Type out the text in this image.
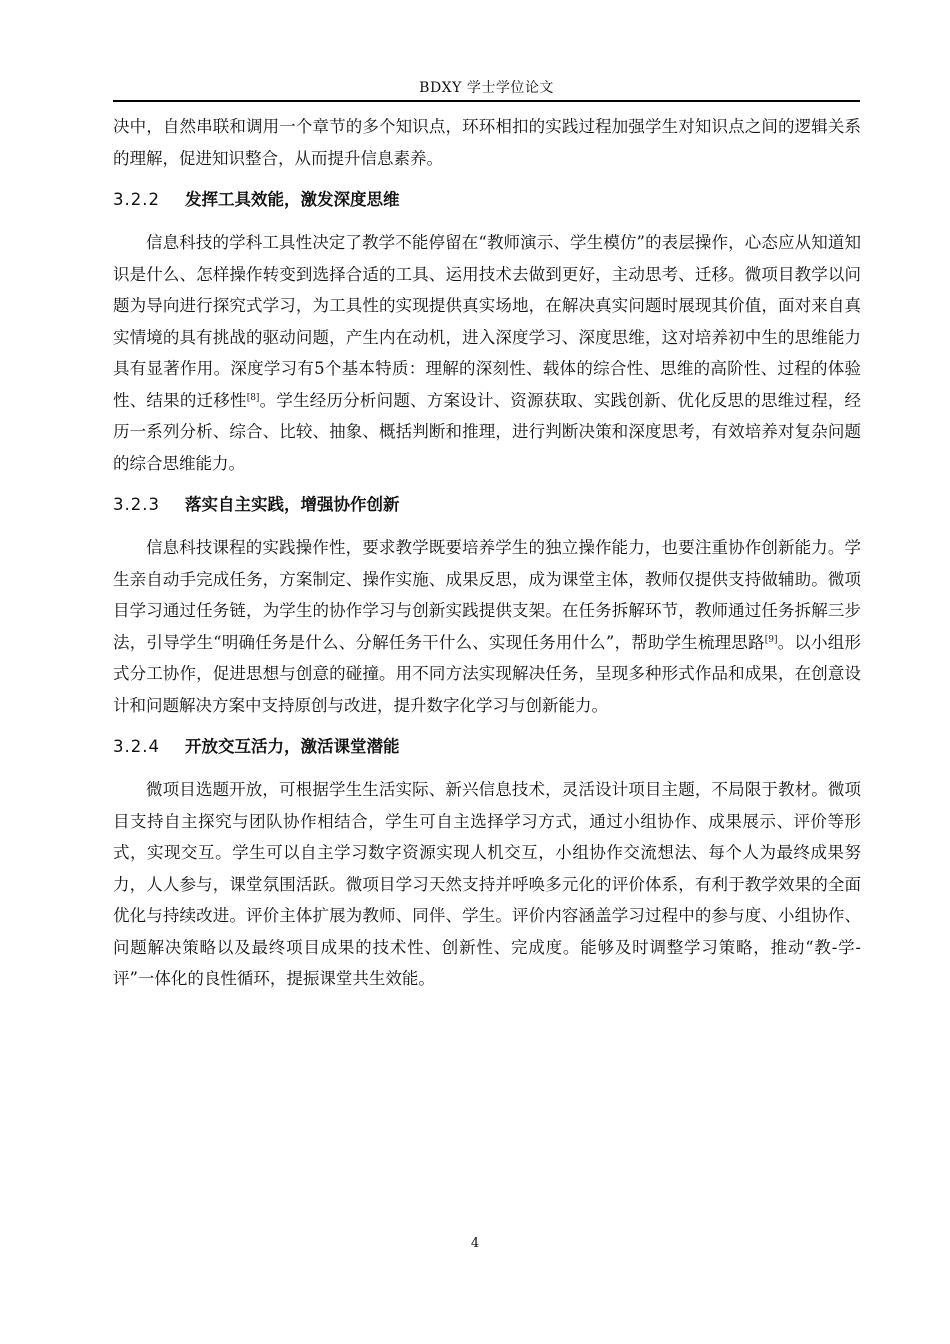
BDXY 学士学位论文

决中，自然串联和调用一个章节的多个知识点，环环相扣的实践过程加强学生对知识点之间的逻辑关系的理解，促进知识整合，从而提升信息素养。

3.2.2 发挥工具效能，激发深度思维

信息科技的学科工具性决定了教学不能停留在“教师演示、学生模仿”的表层操作，心态应从知道知识是什么、怎样操作转变到选择合适的工具、运用技术去做到更好，主动思考、迁移。微项目教学以问题为导向进行探究式学习，为工具性的实现提供真实场地，在解决真实问题时展现其价值，面对来自真实情境的具有挑战的驱动问题，产生内在动机，进入深度学习、深度思维，这对培养初中生的思维能力具有显著作用。深度学习有5个基本特质：理解的深刻性、载体的综合性、思维的高阶性、过程的体验性、结果的迁移性[8]。学生经历分析问题、方案设计、资源获取、实践创新、优化反思的思维过程，经历一系列分析、综合、比较、抽象、概括判断和推理，进行判断决策和深度思考，有效培养对复杂问题的综合思维能力。

3.2.3 落实自主实践，增强协作创新

信息科技课程的实践操作性，要求教学既要培养学生的独立操作能力，也要注重协作创新能力。学生亲自动手完成任务，方案制定、操作实施、成果反思，成为课堂主体，教师仅提供支持做辅助。微项目学习通过任务链，为学生的协作学习与创新实践提供支架。在任务拆解环节，教师通过任务拆解三步法，引导学生“明确任务是什么、分解任务干什么、实现任务用什么”，帮助学生梳理思路[9]。以小组形式分工协作，促进思想与创意的碰撞。用不同方法实现解决任务，呈现多种形式作品和成果，在创意设计和问题解决方案中支持原创与改进，提升数字化学习与创新能力。

3.2.4 开放交互活力，激活课堂潜能

微项目选题开放，可根据学生生活实际、新兴信息技术，灵活设计项目主题，不局限于教材。微项目支持自主探究与团队协作相结合，学生可自主选择学习方式，通过小组协作、成果展示、评价等形式，实现交互。学生可以自主学习数字资源实现人机交互，小组协作交流想法、每个人为最终成果努力，人人参与，课堂氛围活跃。微项目学习天然支持并呼唤多元化的评价体系，有利于教学效果的全面优化与持续改进。评价主体扩展为教师、同伴、学生。评价内容涵盖学习过程中的参与度、小组协作、问题解决策略以及最终项目成果的技术性、创新性、完成度。能够及时调整学习策略，推动“教-学-评”一体化的良性循环，提振课堂共生效能。

4
